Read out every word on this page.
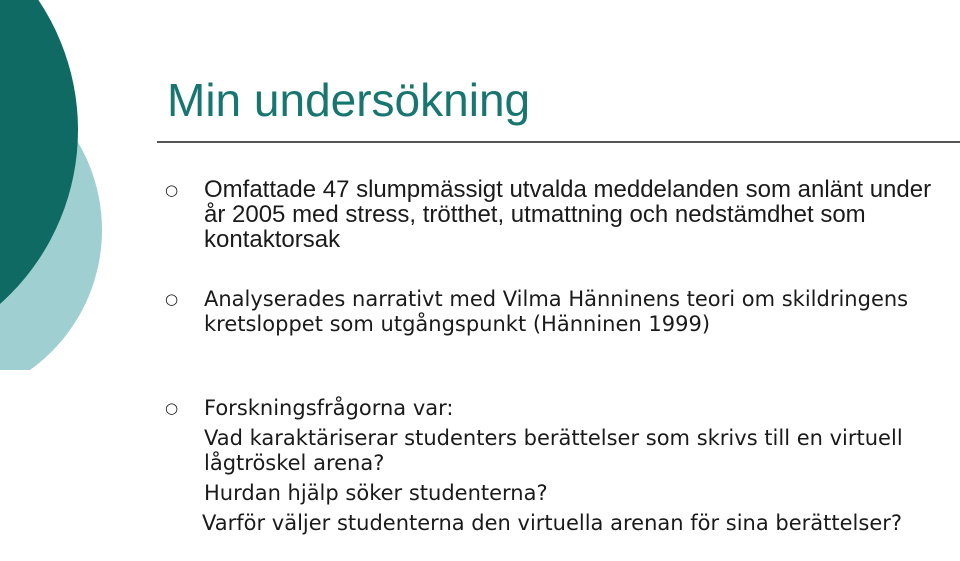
Min undersökning
○ Omfattade 47 slumpmässigt utvalda meddelanden som anlänt under år 2005 med stress, trötthet, utmattning och nedstämdhet som kontaktorsak

○ Analyserades narrativt med Vilma Hänninens teori om skildringens kretsloppet som utgångspunkt (Hänninen 1999)

○ Forskningsfrågorna var:

Vad karaktäriserar studenters berättelser som skrivs till en virtuell lågtröskel arena?

Hurdan hjälp söker studenterna?

Varför väljer studenterna den virtuella arenan för sina berättelser?
